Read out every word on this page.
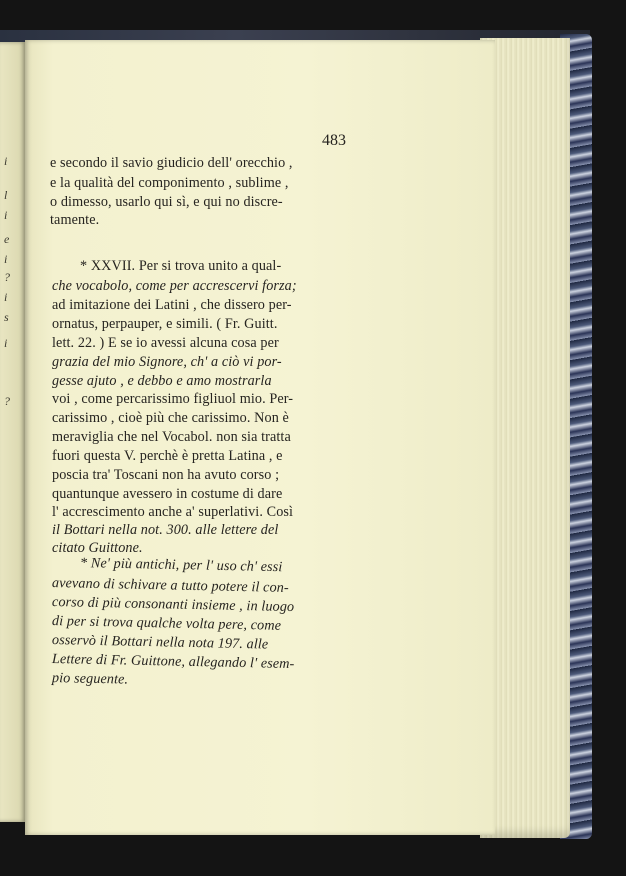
i
l
i
e
i
?
i
s
i
?
483
e secondo il savio giudicio dell' orecchio ,
e la qualità del componimento , sublime ,
o dimesso, usarlo qui sì, e qui no discre-
tamente.
* XXVII. Per si trova unito a qual-
che vocabolo, come per accrescervi forza;
ad imitazione dei Latini , che dissero per-
ornatus, perpauper, e simili. ( Fr. Guitt.
lett. 22. ) E se io avessi alcuna cosa per
grazia del mio Signore, ch' a ciò vi por-
gesse ajuto , e debbo e amo mostrarla
voi , come percarissimo figliuol mio. Per-
carissimo , cioè più che carissimo. Non è
meraviglia che nel Vocabol. non sia tratta
fuori questa V. perchè è pretta Latina , e
poscia tra' Toscani non ha avuto corso ;
quantunque avessero in costume di dare
l' accrescimento anche a' superlativi. Così
il Bottari nella not. 300. alle lettere del
citato Guittone.
* Ne' più antichi, per l' uso ch' essi
avevano di schivare a tutto potere il con-
corso di più consonanti insieme , in luogo
di per si trova qualche volta pere, come
osservò il Bottari nella nota 197. alle
Lettere di Fr. Guittone, allegando l' esem-
pio seguente.
